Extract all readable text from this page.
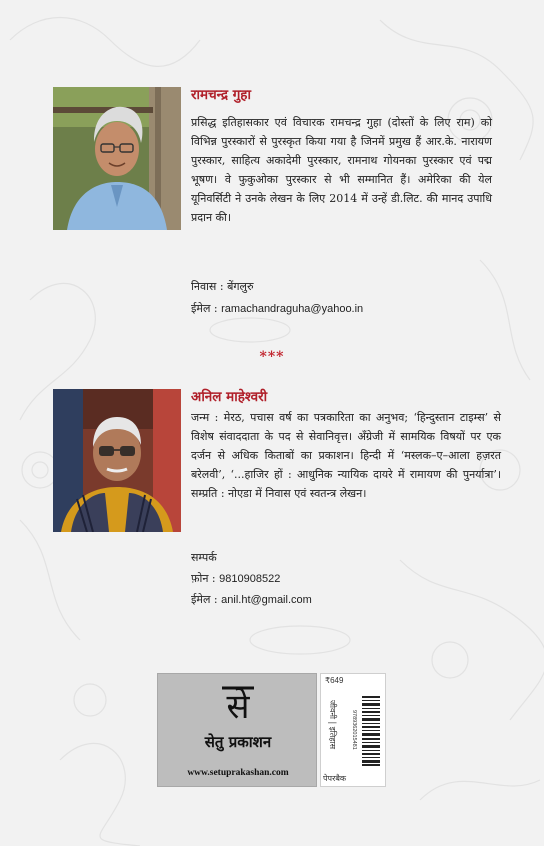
रामचन्द्र गुहा

प्रसिद्ध इतिहासकार एवं विचारक रामचन्द्र गुहा (दोस्तों के लिए राम) को विभिन्न पुरस्कारों से पुरस्कृत किया गया है जिनमें प्रमुख हैं आर.के. नारायण पुरस्कार, साहित्य अकादेमी पुरस्कार, रामनाथ गोयनका पुरस्कार एवं पद्म भूषण। वे फुकुओका पुरस्कार से भी सम्मानित हैं। अमेरिका की येल यूनिवर्सिटी ने उनके लेखन के लिए 2014 में उन्हें डी.लिट. की मानद उपाधि प्रदान की।

निवास : बेंगलुरु
ईमेल : ramachandraguha@yahoo.in
***
अनिल माहेश्वरी

जन्म : मेरठ, पचास वर्ष का पत्रकारिता का अनुभव; ‘हिन्दुस्तान टाइम्स’ से विशेष संवाददाता के पद से सेवानिवृत्त। अँग्रेजी में सामयिक विषयों पर एक दर्जन से अधिक किताबों का प्रकाशन। हिन्दी में ‘मस्लक–ए–आला हज़रत बरेलवी’, ‘...हाजिर हों : आधुनिक न्यायिक दायरे में रामायण की पुनर्यात्रा’। सम्प्रति : नोएडा में निवास एवं स्वतन्त्र लेखन।

सम्पर्क
फ़ोन : 9810908522
ईमेल : anil.ht@gmail.com
से
सेतु प्रकाशन
www.setuprakashan.com
₹649
जीवनी | इतिहास	9789362015481
पेपरबैक
